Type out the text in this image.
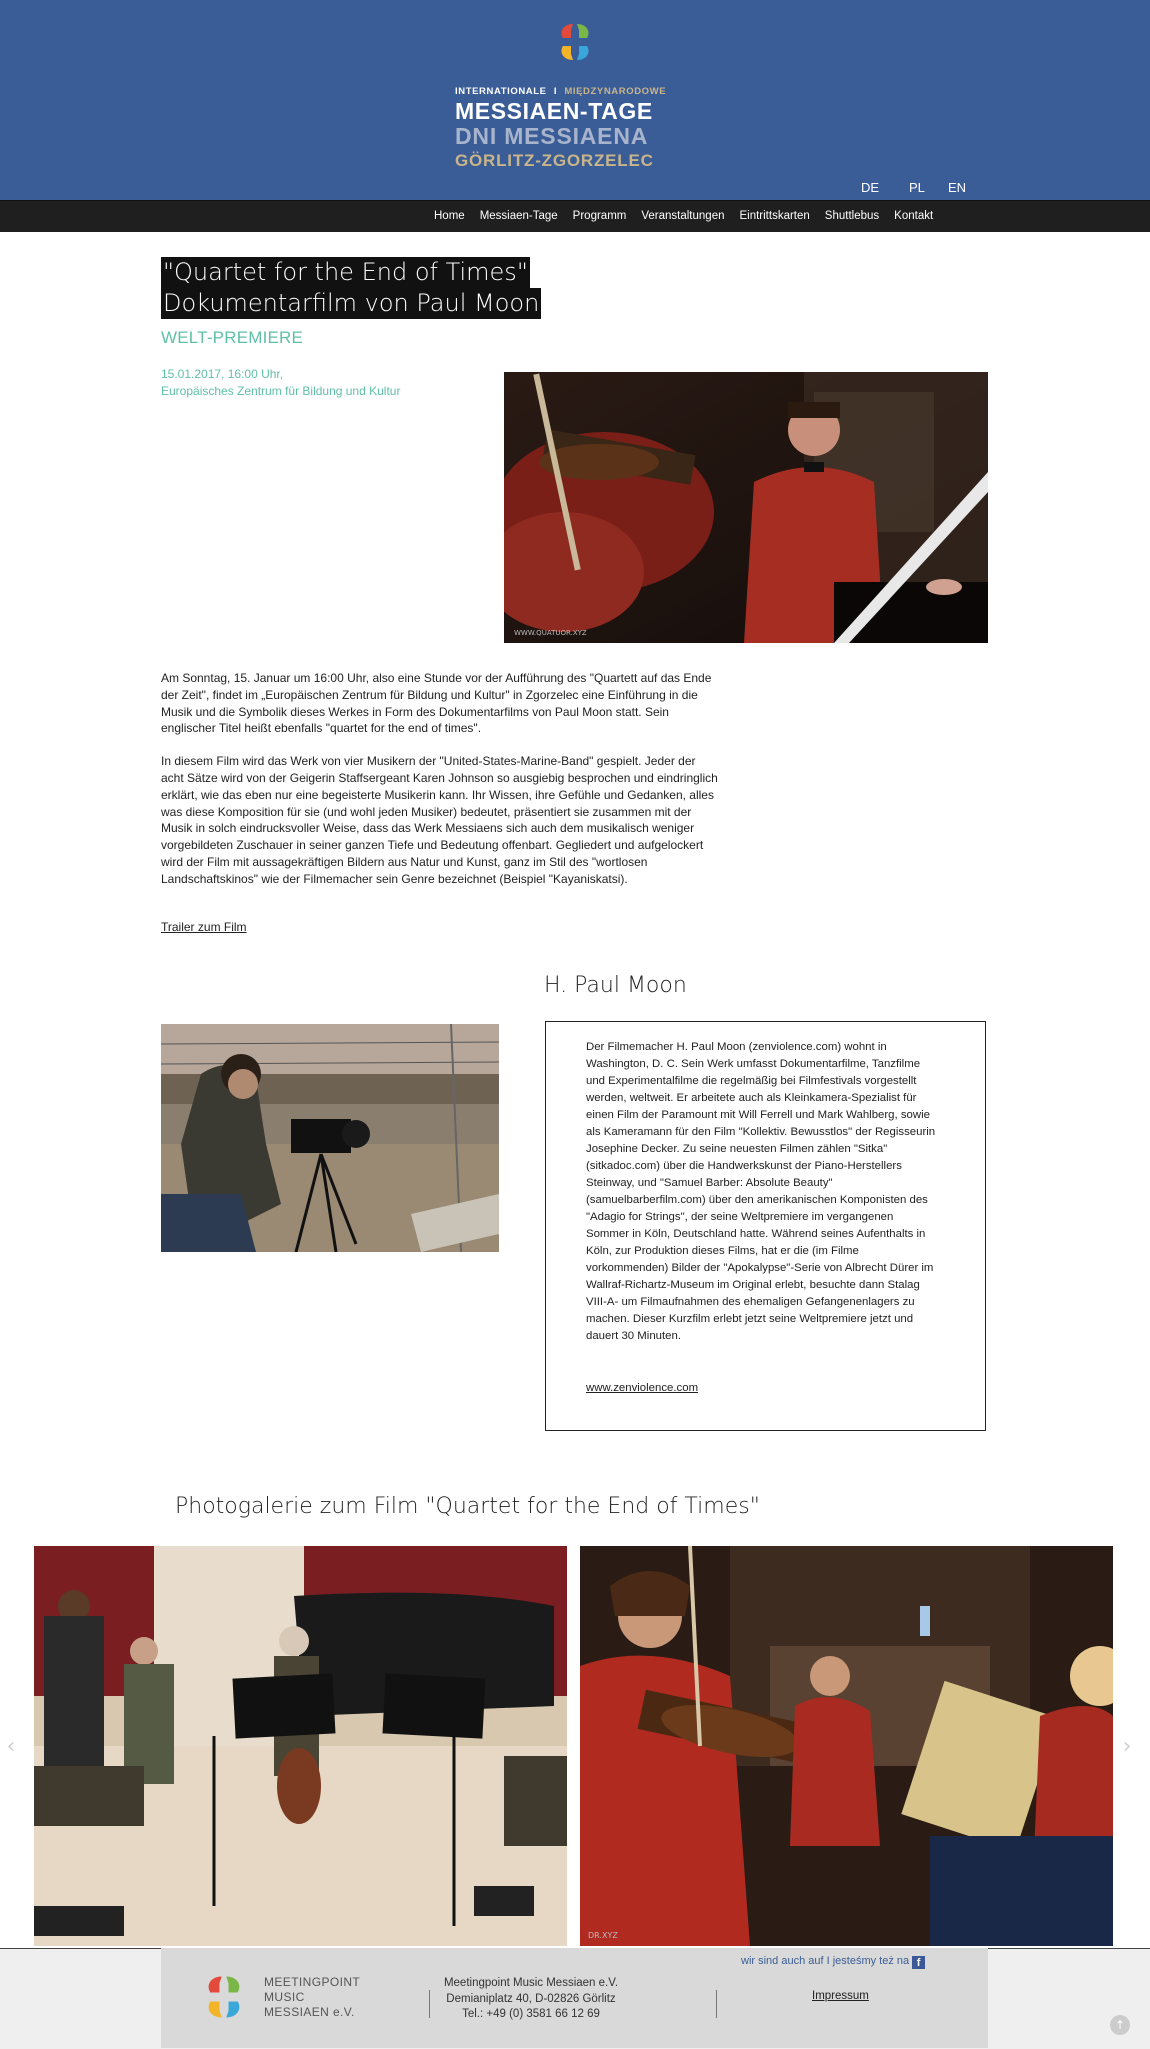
INTERNATIONALE I MIĘDZYNARODOWE
MESSIAEN-TAGE
DNI MESSIAENA
GÖRLITZ-ZGORZELEC
DE PL EN
Home Messiaen-Tage Programm Veranstaltungen Eintrittskarten Shuttlebus Kontakt
"Quartet for the End of Times"
Dokumentarfilm von Paul Moon
WELT-PREMIERE
15.01.2017, 16:00 Uhr,
Europäisches Zentrum für Bildung und Kultur
WWW.QUATUOR.XYZ

Am Sonntag, 15. Januar um 16:00 Uhr, also eine Stunde vor der Aufführung des "Quartett auf das Ende der Zeit", findet im „Europäischen Zentrum für Bildung und Kultur" in Zgorzelec eine Einführung in die Musik und die Symbolik dieses Werkes in Form des Dokumentarfilms von Paul Moon statt. Sein englischer Titel heißt ebenfalls "quartet for the end of times".

In diesem Film wird das Werk von vier Musikern der "United-States-Marine-Band" gespielt. Jeder der acht Sätze wird von der Geigerin Staffsergeant Karen Johnson so ausgiebig besprochen und eindringlich erklärt, wie das eben nur eine begeisterte Musikerin kann. Ihr Wissen, ihre Gefühle und Gedanken, alles was diese Komposition für sie (und wohl jeden Musiker) bedeutet, präsentiert sie zusammen mit der Musik in solch eindrucksvoller Weise, dass das Werk Messiaens sich auch dem musikalisch weniger vorgebildeten Zuschauer in seiner ganzen Tiefe und Bedeutung offenbart. Gegliedert und aufgelockert wird der Film mit aussagekräftigen Bildern aus Natur und Kunst, ganz im Stil des "wortlosen Landschaftskinos" wie der Filmemacher sein Genre bezeichnet (Beispiel "Kayaniskatsi).

Trailer zum Film
H. Paul Moon
Der Filmemacher H. Paul Moon (zenviolence.com) wohnt in Washington, D. C. Sein Werk umfasst Dokumentarfilme, Tanzfilme und Experimentalfilme die regelmäßig bei Filmfestivals vorgestellt werden, weltweit. Er arbeitete auch als Kleinkamera-Spezialist für einen Film der Paramount mit Will Ferrell und Mark Wahlberg, sowie als Kameramann für den Film "Kollektiv. Bewusstlos" der Regisseurin Josephine Decker. Zu seine neuesten Filmen zählen "Sitka" (sitkadoc.com) über die Handwerkskunst der Piano-Herstellers Steinway, und "Samuel Barber: Absolute Beauty" (samuelbarberfilm.com) über den amerikanischen Komponisten des "Adagio for Strings", der seine Weltpremiere im vergangenen Sommer in Köln, Deutschland hatte. Während seines Aufenthalts in Köln, zur Produktion dieses Films, hat er die (im Filme vorkommenden) Bilder der "Apokalypse"-Serie von Albrecht Dürer im Wallraf-Richartz-Museum im Original erlebt, besuchte dann Stalag VIII-A- um Filmaufnahmen des ehemaligen Gefangenenlagers zu machen. Dieser Kurzfilm erlebt jetzt seine Weltpremiere jetzt und dauert 30 Minuten.
www.zenviolence.com
Photogalerie zum Film "Quartet for the End of Times"
DR.XYZ
‹	›
MEETINGPOINT
MUSIC
MESSIAEN e.V.
Meetingpoint Music Messiaen e.V.
Demianiplatz 40, D-02826 Görlitz
Tel.: +49 (0) 3581 66 12 69
wir sind auch auf I jesteśmy też na f
Impressum
↑
